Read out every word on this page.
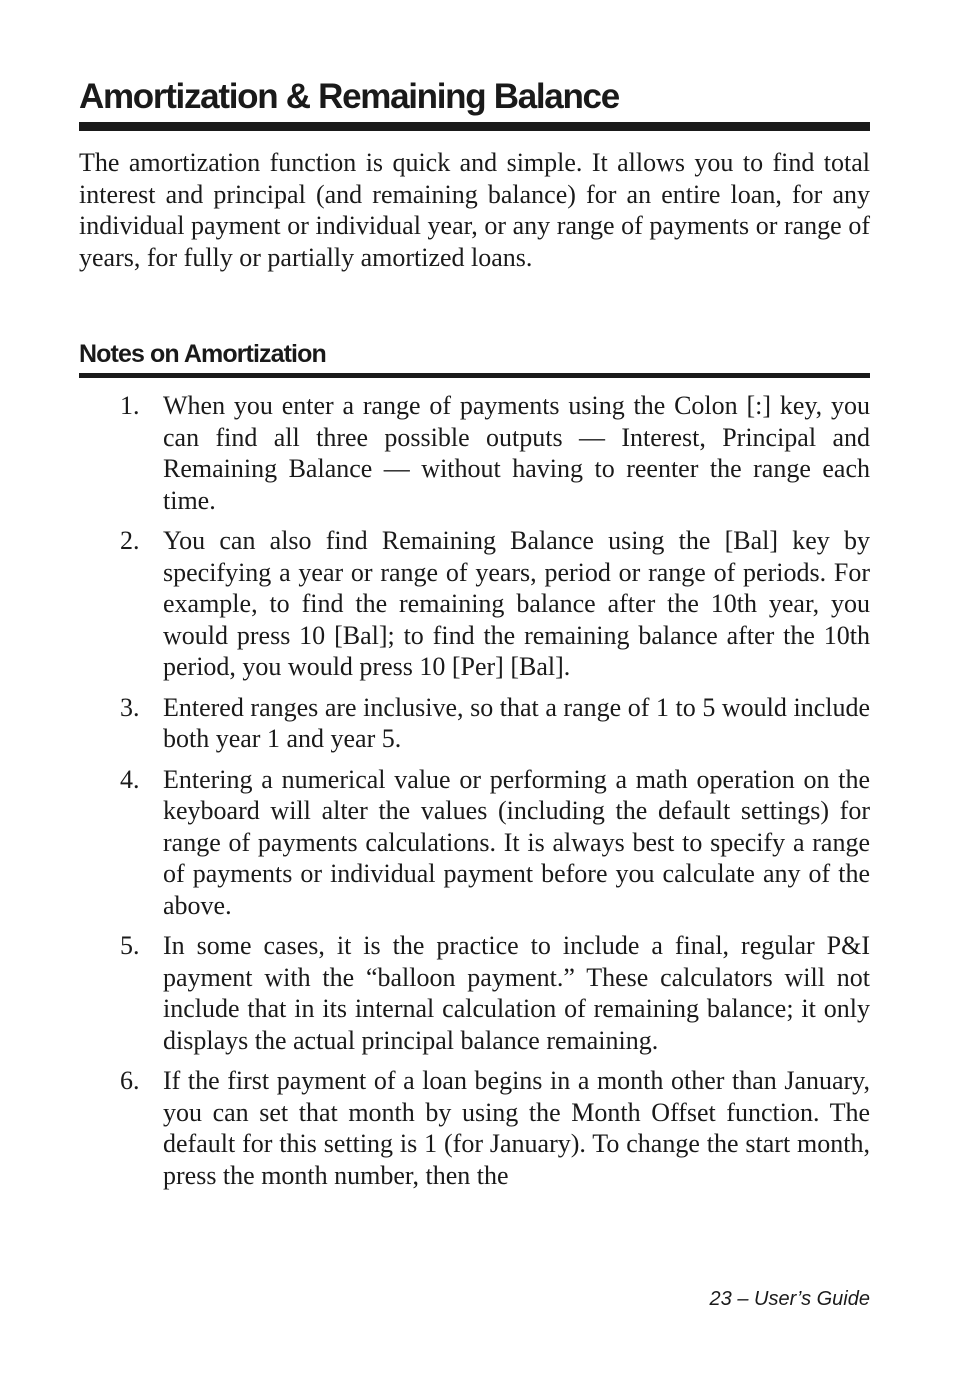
Amortization & Remaining Balance

The amortization function is quick and simple. It allows you to find total interest and principal (and remaining balance) for an entire loan, for any individual payment or individual year, or any range of payments or range of years, for fully or partially amortized loans.

Notes on Amortization
1. When you enter a range of payments using the Colon [:] key, you can find all three possible outputs — Interest, Principal and Remaining Balance — without having to reenter the range each time.

2. You can also find Remaining Balance using the [Bal] key by specifying a year or range of years, period or range of periods. For example, to find the remaining balance after the 10th year, you would press 10 [Bal]; to find the remaining balance after the 10th period, you would press 10 [Per] [Bal].

3. Entered ranges are inclusive, so that a range of 1 to 5 would include both year 1 and year 5.

4. Entering a numerical value or performing a math operation on the keyboard will alter the values (including the default settings) for range of payments calculations. It is always best to specify a range of payments or individual payment before you calculate any of the above.

5. In some cases, it is the practice to include a final, regular P&I payment with the “balloon payment.” These calculators will not include that in its internal calculation of remaining balance; it only displays the actual principal balance remaining.

6. If the first payment of a loan begins in a month other than January, you can set that month by using the Month Offset function. The default for this setting is 1 (for January). To change the start month, press the month number, then the

23 – User’s Guide
